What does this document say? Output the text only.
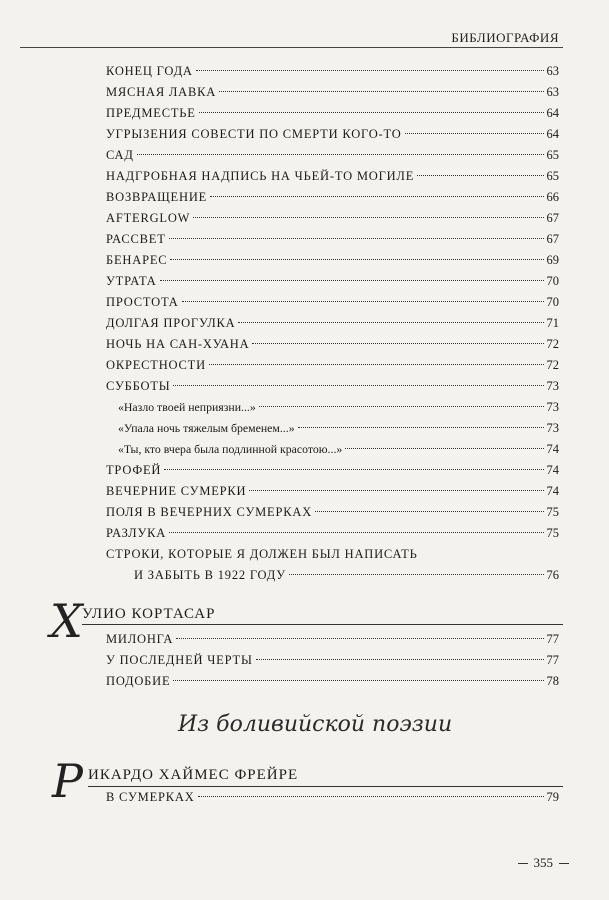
БИБЛИОГРАФИЯ
КОНЕЦ ГОДА	63
МЯСНАЯ ЛАВКА	63
ПРЕДМЕСТЬЕ	64
УГРЫЗЕНИЯ СОВЕСТИ ПО СМЕРТИ КОГО-ТО	64
САД	65
НАДГРОБНАЯ НАДПИСЬ НА ЧЬЕЙ-ТО МОГИЛЕ	65
ВОЗВРАЩЕНИЕ	66
AFTERGLOW	67
РАССВЕТ	67
БЕНАРЕС	69
УТРАТА	70
ПРОСТОТА	70
ДОЛГАЯ ПРОГУЛКА	71
НОЧЬ НА САН-ХУАНА	72
ОКРЕСТНОСТИ	72
СУББОТЫ	73
«Назло твоей неприязни...»	73
«Упала ночь тяжелым бременем...»	73
«Ты, кто вчера была подлинной красотою...»	74
ТРОФЕЙ	74
ВЕЧЕРНИЕ СУМЕРКИ	74
ПОЛЯ В ВЕЧЕРНИХ СУМЕРКАХ	75
РАЗЛУКА	75
СТРОКИ, КОТОРЫЕ Я ДОЛЖЕН БЫЛ НАПИСАТЬ
И ЗАБЫТЬ В 1922 ГОДУ	76
Х УЛИО КОРТАСАР
МИЛОНГА	77
У ПОСЛЕДНЕЙ ЧЕРТЫ	77
ПОДОБИЕ	78
Из боливийской поэзии
Р ИКАРДО ХАЙМЕС ФРЕЙРЕ
В СУМЕРКАХ	79
355
